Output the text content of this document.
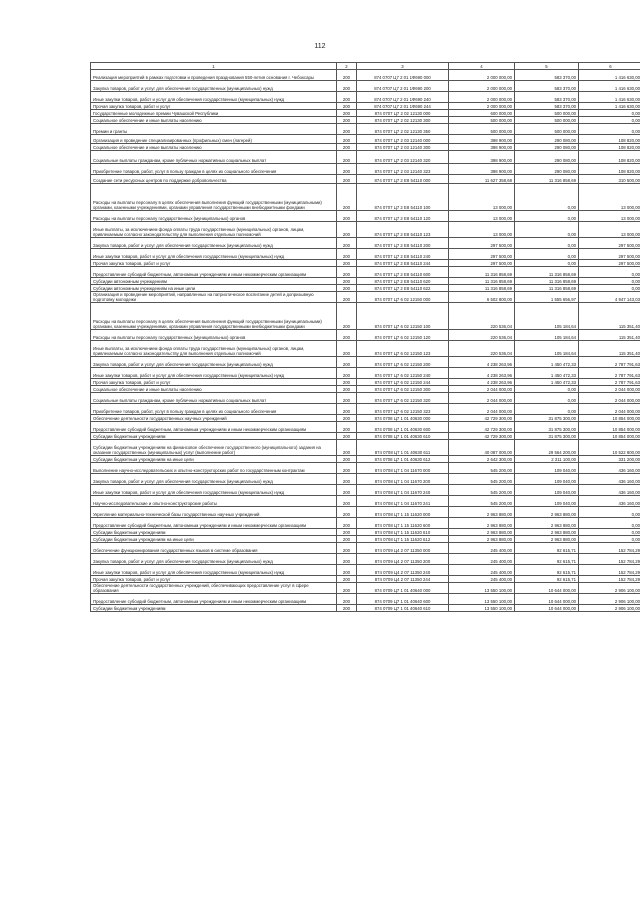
112
1	2	3	4	5	6
Реализация мероприятий в рамках подготовки и проведения празднования 550-летия основания г. Чебоксары	200	874 0707 Ц7 2 01 1Ф690 000	2 000 000,00	583 370,00	1 416 630,00
Закупка товаров, работ и услуг для обеспечения государственных (муниципальных) нужд	200	874 0707 Ц7 2 01 1Ф690 200	2 000 000,00	583 370,00	1 416 630,00
Иные закупки товаров, работ и услуг для обеспечения государственных (муниципальных) нужд	200	874 0707 Ц7 2 01 1Ф690 240	2 000 000,00	583 370,00	1 416 630,00
Прочая закупка товаров, работ и услуг	200	874 0707 Ц7 2 01 1Ф690 244	2 000 000,00	583 370,00	1 416 630,00
Государственные молодежные премии Чувашской Республики	200	874 0707 Ц7 2 02 12130 000	600 000,00	500 000,00	0,00
Социальное обеспечение и иные выплаты населению	200	874 0707 Ц7 2 02 12130 300	500 000,00	500 000,00	0,00
Премии и гранты	200	874 0707 Ц7 2 02 12130 350	500 000,00	500 000,00	0,00
Организация и проведение специализированных (профильных) смен (лагерей)	200	874 0707 Ц7 2 03 12140 000	398 900,00	290 080,00	108 820,00
Социальное обеспечение и иные выплаты населению	200	874 0707 Ц7 2 03 12140 300	398 900,00	290 080,00	108 820,00
Социальные выплаты гражданам, кроме публичных нормативных социальных выплат	200	874 0707 Ц7 2 03 12140 320	398 900,00	290 080,00	108 820,00
Приобретение товаров, работ, услуг в пользу граждан в целях их социального обеспечения	200	874 0707 Ц7 2 03 12140 323	398 900,00	290 080,00	108 820,00
Создание сети ресурсных центров по поддержке добровольчества	200	874 0707 Ц7 2 E8 54110 000	11 627 358,68	11 316 858,69	310 500,00
Расходы на выплаты персоналу в целях обеспечения выполнения функций государственными (муниципальными) органами, казенными учреждениями, органами управления государственными внебюджетными фондами	200	874 0707 Ц7 2 E8 54110 100	13 000,00	0,00	13 000,00
Расходы на выплаты персоналу государственных (муниципальных) органов	200	874 0707 Ц7 2 E8 54110 120	13 000,00	0,00	13 000,00
Иные выплаты, за исключением фонда оплаты труда государственных (муниципальных) органов, лицам, привлекаемым согласно законодательству для выполнения отдельных полномочий	200	874 0707 Ц7 2 E8 54110 123	13 000,00	0,00	13 000,00
Закупка товаров, работ и услуг для обеспечения государственных (муниципальных) нужд	200	874 0707 Ц7 2 E8 54110 200	297 500,00	0,00	297 500,00
Иные закупки товаров, работ и услуг для обеспечения государственных (муниципальных) нужд	200	874 0707 Ц7 2 E8 54110 240	297 500,00	0,00	297 500,00
Прочая закупка товаров, работ и услуг	200	874 0707 Ц7 2 E8 54110 244	297 500,00	0,00	297 500,00
Предоставление субсидий бюджетным, автономным учреждениям и иным некоммерческим организациям	200	874 0707 Ц7 2 E8 54110 600	11 316 858,69	11 316 858,69	0,00
Субсидии автономным учреждениям	200	874 0707 Ц7 2 E8 54110 620	11 316 858,69	11 316 858,69	0,00
Субсидии автономным учреждениям на иные цели	200	874 0707 Ц7 2 E8 54110 622	11 316 858,69	11 316 858,69	0,00
Организация и проведение мероприятий, направленных на патриотическое воспитание детей и допризывную подготовку молодежи	200	874 0707 Ц7 6 02 12150 000	6 502 800,00	1 555 656,97	4 947 143,03
Расходы на выплаты персоналу в целях обеспечения выполнения функций государственными (муниципальными) органами, казенными учреждениями, органами управления государственными внебюджетными фондами	200	874 0707 Ц7 6 02 12150 100	220 536,04	105 184,64	115 351,40
Расходы на выплаты персоналу государственных (муниципальных) органов	200	874 0707 Ц7 6 02 12150 120	220 536,04	105 184,64	115 351,40
Иные выплаты, за исключением фонда оплаты труда государственных (муниципальных) органов, лицам, привлекаемым согласно законодательству для выполнения отдельных полномочий	200	874 0707 Ц7 6 02 12150 123	220 536,04	105 184,64	115 351,40
Закупка товаров, работ и услуг для обеспечения государственных (муниципальных) нужд	200	874 0707 Ц7 6 02 12150 200	4 238 263,96	1 450 472,33	2 787 791,63
Иные закупки товаров, работ и услуг для обеспечения государственных (муниципальных) нужд	200	874 0707 Ц7 6 02 12150 240	4 238 263,96	1 450 472,33	2 787 791,63
Прочая закупка товаров, работ и услуг	200	874 0707 Ц7 6 02 12150 244	4 238 263,96	1 450 472,33	2 787 791,63
Социальное обеспечение и иные выплаты населению	200	874 0707 Ц7 6 02 12150 300	2 044 000,00	0,00	2 044 000,00
Социальные выплаты гражданам, кроме публичных нормативных социальных выплат	200	874 0707 Ц7 6 02 12150 320	2 044 000,00	0,00	2 044 000,00
Приобретение товаров, работ, услуг в пользу граждан в целях их социального обеспечения	200	874 0707 Ц7 6 02 12150 323	2 044 000,00	0,00	2 044 000,00
Обеспечение деятельности государственных научных учреждений	200	874 0708 Ц7 1 01 40630 000	42 729 300,00	31 875 300,00	10 854 000,00
Предоставление субсидий бюджетным, автономным учреждениям и иным некоммерческим организациям	200	874 0708 Ц7 1 01 40630 600	42 729 300,00	31 875 300,00	10 854 000,00
Субсидии бюджетным учреждениям	200	874 0708 Ц7 1 01 40630 610	42 729 300,00	31 875 300,00	10 854 000,00
Субсидии бюджетным учреждениям на финансовое обеспечение государственного (муниципального) задания на оказание государственных (муниципальных) услуг (выполнение работ)	200	874 0708 Ц7 1 01 40630 611	40 087 000,00	29 564 200,00	10 522 800,00
Субсидии бюджетным учреждениям на иные цели	200	874 0708 Ц7 1 01 40630 612	2 642 300,00	2 311 100,00	331 200,00
Выполнение научно-исследовательских и опытно-конструкторских работ по государственным контрактам	200	874 0708 Ц7 1 04 11670 000	545 200,00	109 040,00	436 160,00
Закупка товаров, работ и услуг для обеспечения государственных (муниципальных) нужд	200	874 0708 Ц7 1 04 11670 200	545 200,00	109 040,00	436 160,00
Иные закупки товаров, работ и услуг для обеспечения государственных (муниципальных) нужд	200	874 0708 Ц7 1 04 11670 240	545 200,00	109 040,00	436 160,00
Научно-исследовательские и опытно-конструкторские работы	200	874 0708 Ц7 1 04 11670 241	545 200,00	109 040,00	436 160,00
Укрепление материально-технической базы государственных научных учреждений	200	874 0708 Ц7 1 15 11620 000	2 963 880,00	2 963 880,00	0,00
Предоставление субсидий бюджетным, автономным учреждениям и иным некоммерческим организациям	200	874 0708 Ц7 1 15 11620 600	2 963 880,00	2 963 880,00	0,00
Субсидии бюджетным учреждениям	200	874 0708 Ц7 1 15 11620 610	2 963 880,00	2 963 880,00	0,00
Субсидии бюджетным учреждениям на иные цели	200	874 0708 Ц7 1 15 11620 612	2 963 880,00	2 963 880,00	0,00
Обеспечение функционирования государственных языков в системе образования	200	874 0709 Ц4 2 07 11350 000	245 400,00	92 615,71	152 784,29
Закупка товаров, работ и услуг для обеспечения государственных (муниципальных) нужд	200	874 0709 Ц4 2 07 11350 200	245 400,00	92 615,71	152 784,29
Иные закупки товаров, работ и услуг для обеспечения государственных (муниципальных) нужд	200	874 0709 Ц4 2 07 11350 240	245 400,00	92 615,71	152 784,29
Прочая закупка товаров, работ и услуг	200	874 0709 Ц4 2 07 11350 244	245 400,00	92 615,71	152 784,29
Обеспечение деятельности государственных учреждений, обеспечивающих предоставление услуг в сфере образования	200	874 0709 Ц7 1 01 40640 000	13 550 100,00	10 644 000,00	2 906 100,00
Предоставление субсидий бюджетным, автономным учреждениям и иным некоммерческим организациям	200	874 0709 Ц7 1 01 40640 600	13 550 100,00	10 644 000,00	2 906 100,00
Субсидии бюджетным учреждениям	200	874 0709 Ц7 1 01 40640 610	13 550 100,00	10 644 000,00	2 906 100,00
